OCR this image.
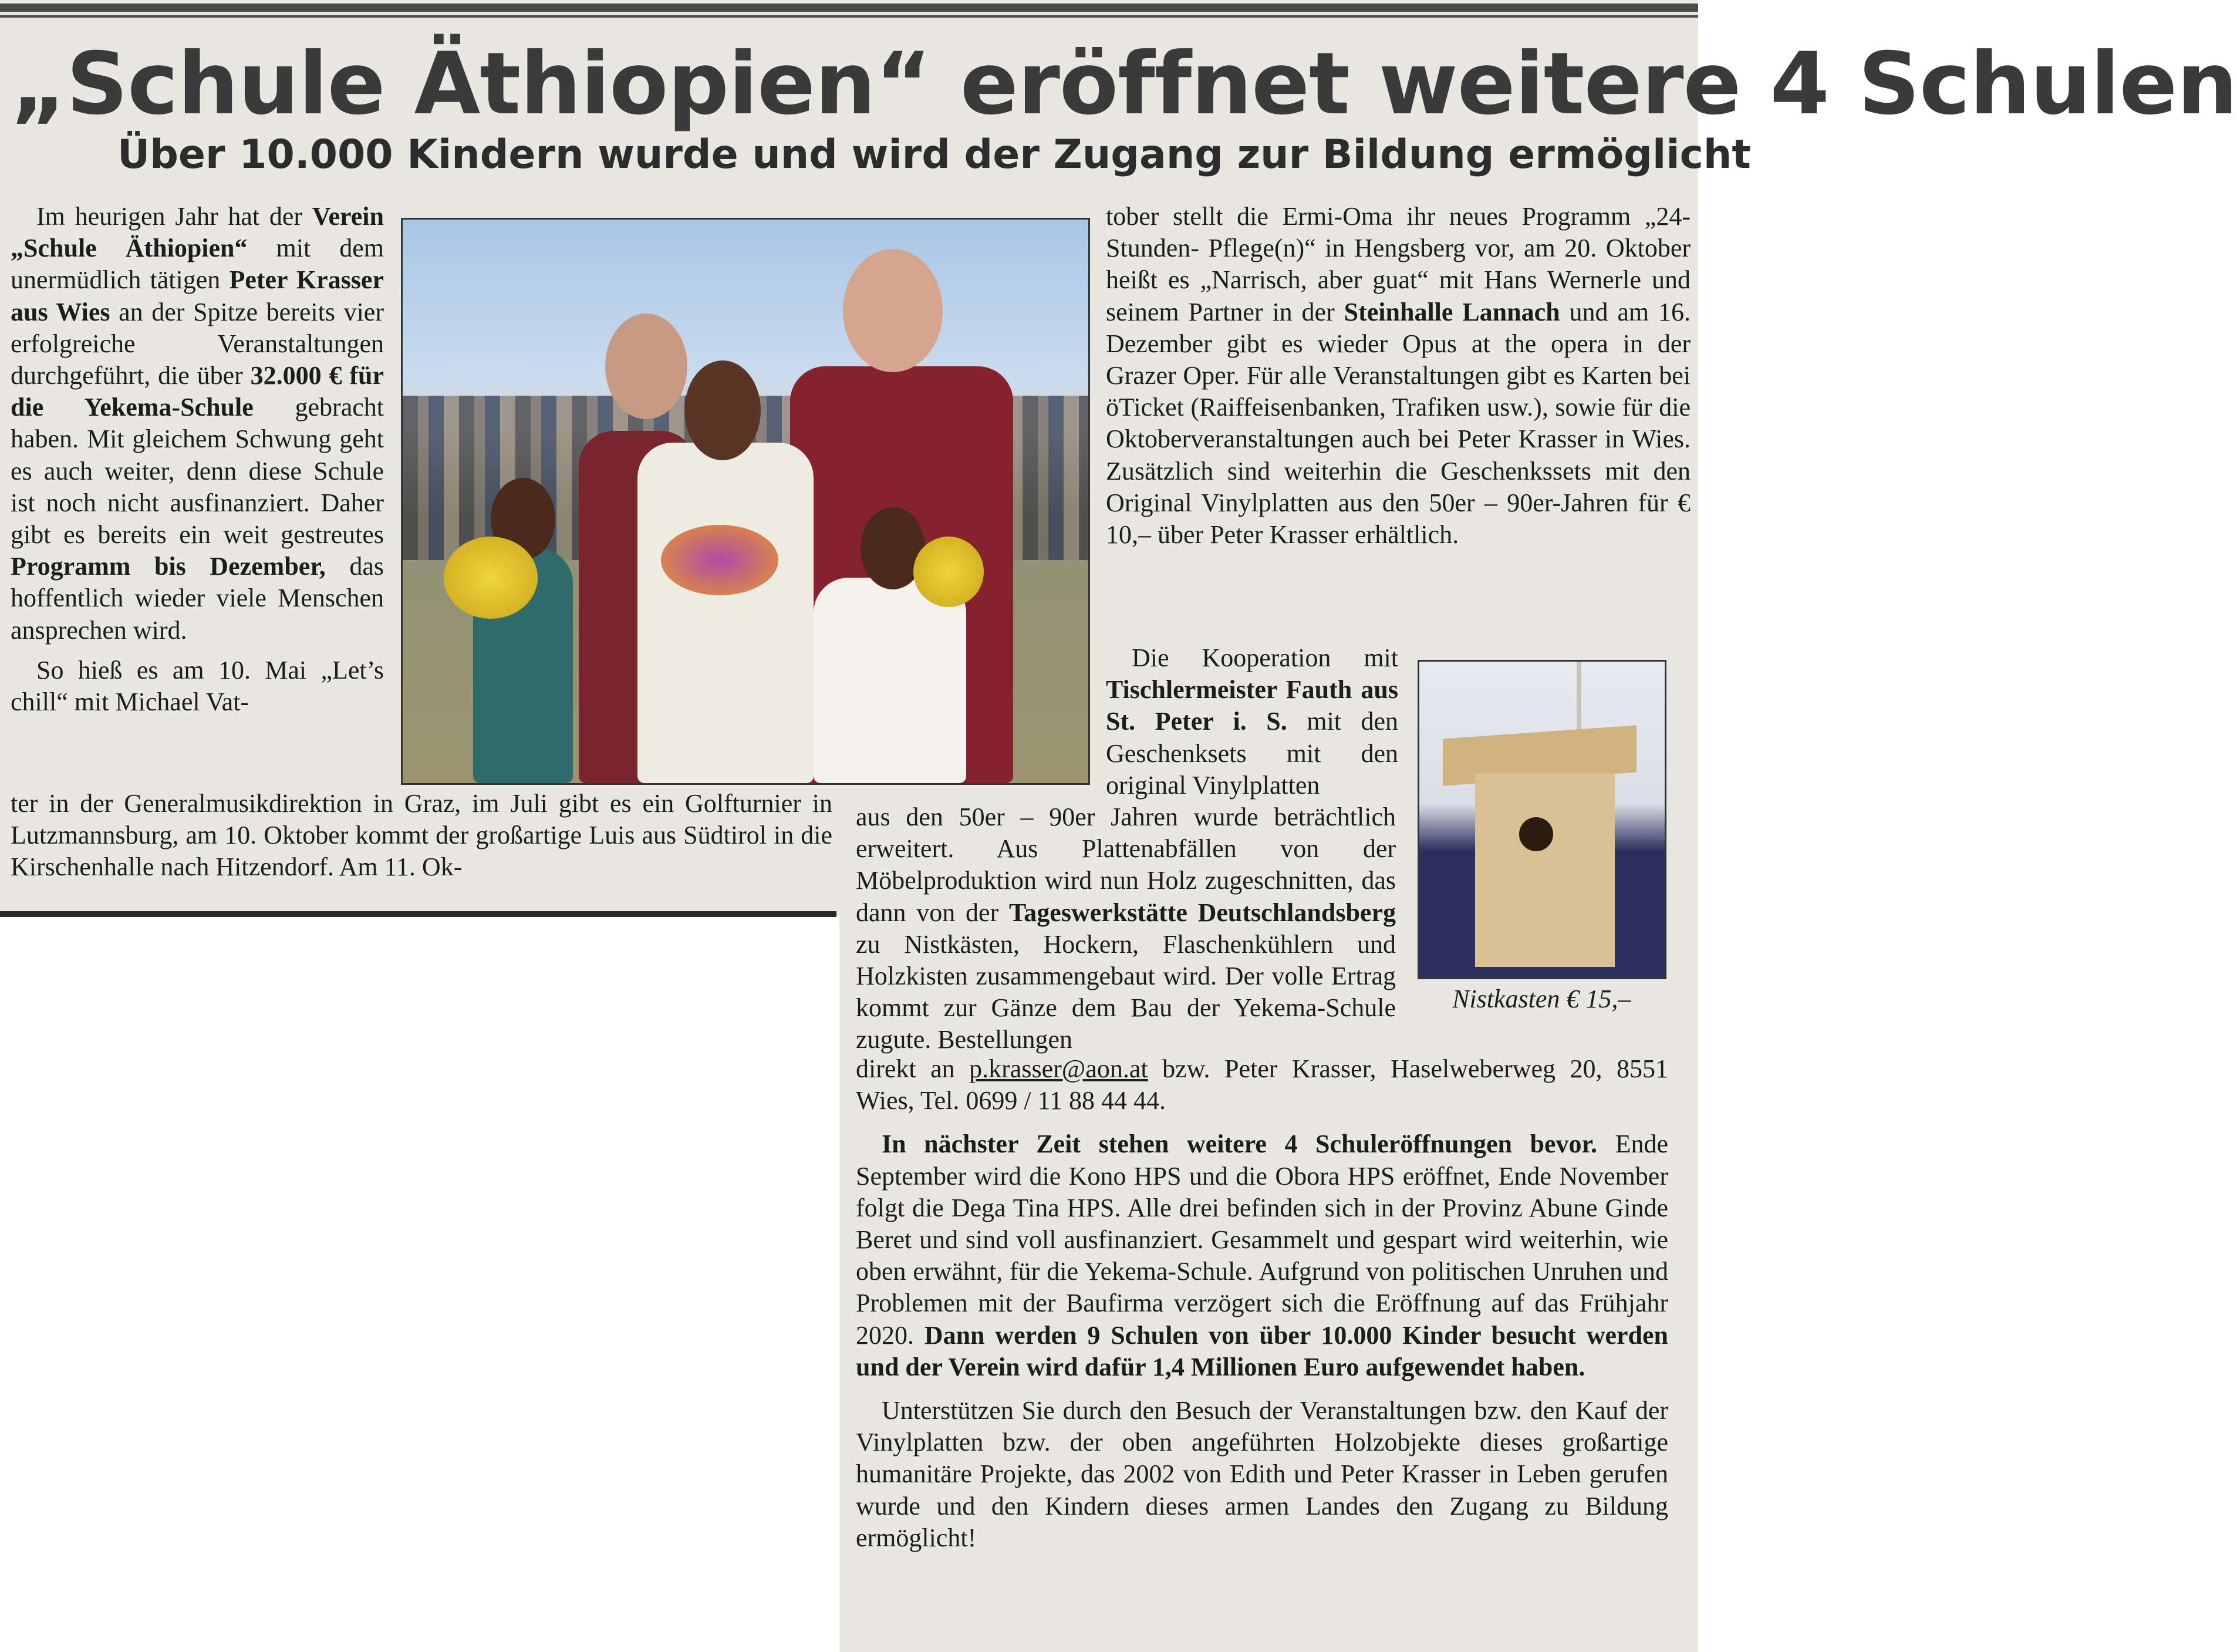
„Schule Äthiopien“ eröffnet weitere 4 Schulen
Über 10.000 Kindern wurde und wird der Zugang zur Bildung ermöglicht

Im heurigen Jahr hat der Verein „Schule Äthiopien“ mit dem unermüdlich tätigen Peter Krasser aus Wies an der Spitze bereits vier erfolgreiche Veranstaltungen durchgeführt, die über 32.000 € für die Yekema-Schule gebracht haben. Mit gleichem Schwung geht es auch weiter, denn diese Schule ist noch nicht ausfinanziert. Daher gibt es bereits ein weit gestreutes Programm bis Dezember, das hoffentlich wieder viele Menschen ansprechen wird.

So hieß es am 10. Mai „Let’s chill“ mit Michael Vat-

ter in der Generalmusikdirektion in Graz, im Juli gibt es ein Golfturnier in Lutzmannsburg, am 10. Oktober kommt der großartige Luis aus Südtirol in die Kirschenhalle nach Hitzendorf. Am 11. Ok-

tober stellt die Ermi-Oma ihr neues Programm „24-Stunden- Pflege(n)“ in Hengsberg vor, am 20. Oktober heißt es „Narrisch, aber guat“ mit Hans Wernerle und seinem Partner in der Steinhalle Lannach und am 16. Dezember gibt es wieder Opus at the opera in der Grazer Oper. Für alle Veranstaltungen gibt es Karten bei öTicket (Raiffeisenbanken, Trafiken usw.), sowie für die Oktoberveranstaltungen auch bei Peter Krasser in Wies. Zusätzlich sind weiterhin die Geschenkssets mit den Original Vinylplatten aus den 50er – 90er-Jahren für € 10,– über Peter Krasser erhältlich.

Die Kooperation mit Tischlermeister Fauth aus St. Peter i. S. mit den Geschenksets mit den original Vinylplatten

Nistkasten € 15,–

aus den 50er – 90er Jahren wurde beträchtlich erweitert. Aus Plattenabfällen von der Möbelproduktion wird nun Holz zugeschnitten, das dann von der Tageswerkstätte Deutschlandsberg zu Nistkästen, Hockern, Flaschenkühlern und Holzkisten zusammengebaut wird. Der volle Ertrag kommt zur Gänze dem Bau der Yekema-Schule zugute. Bestellungen

direkt an p.krasser@aon.at bzw. Peter Krasser, Haselweberweg 20, 8551 Wies, Tel. 0699 / 11 88 44 44.

In nächster Zeit stehen weitere 4 Schuleröffnungen bevor. Ende September wird die Kono HPS und die Obora HPS eröffnet, Ende November folgt die Dega Tina HPS. Alle drei befinden sich in der Provinz Abune Ginde Beret und sind voll ausfinanziert. Gesammelt und gespart wird weiterhin, wie oben erwähnt, für die Yekema-Schule. Aufgrund von politischen Unruhen und Problemen mit der Baufirma verzögert sich die Eröffnung auf das Frühjahr 2020. Dann werden 9 Schulen von über 10.000 Kinder besucht werden und der Verein wird dafür 1,4 Millionen Euro aufgewendet haben.

Unterstützen Sie durch den Besuch der Veranstaltungen bzw. den Kauf der Vinylplatten bzw. der oben angeführten Holzobjekte dieses großartige humanitäre Projekte, das 2002 von Edith und Peter Krasser in Leben gerufen wurde und den Kindern dieses armen Landes den Zugang zu Bildung ermöglicht!
